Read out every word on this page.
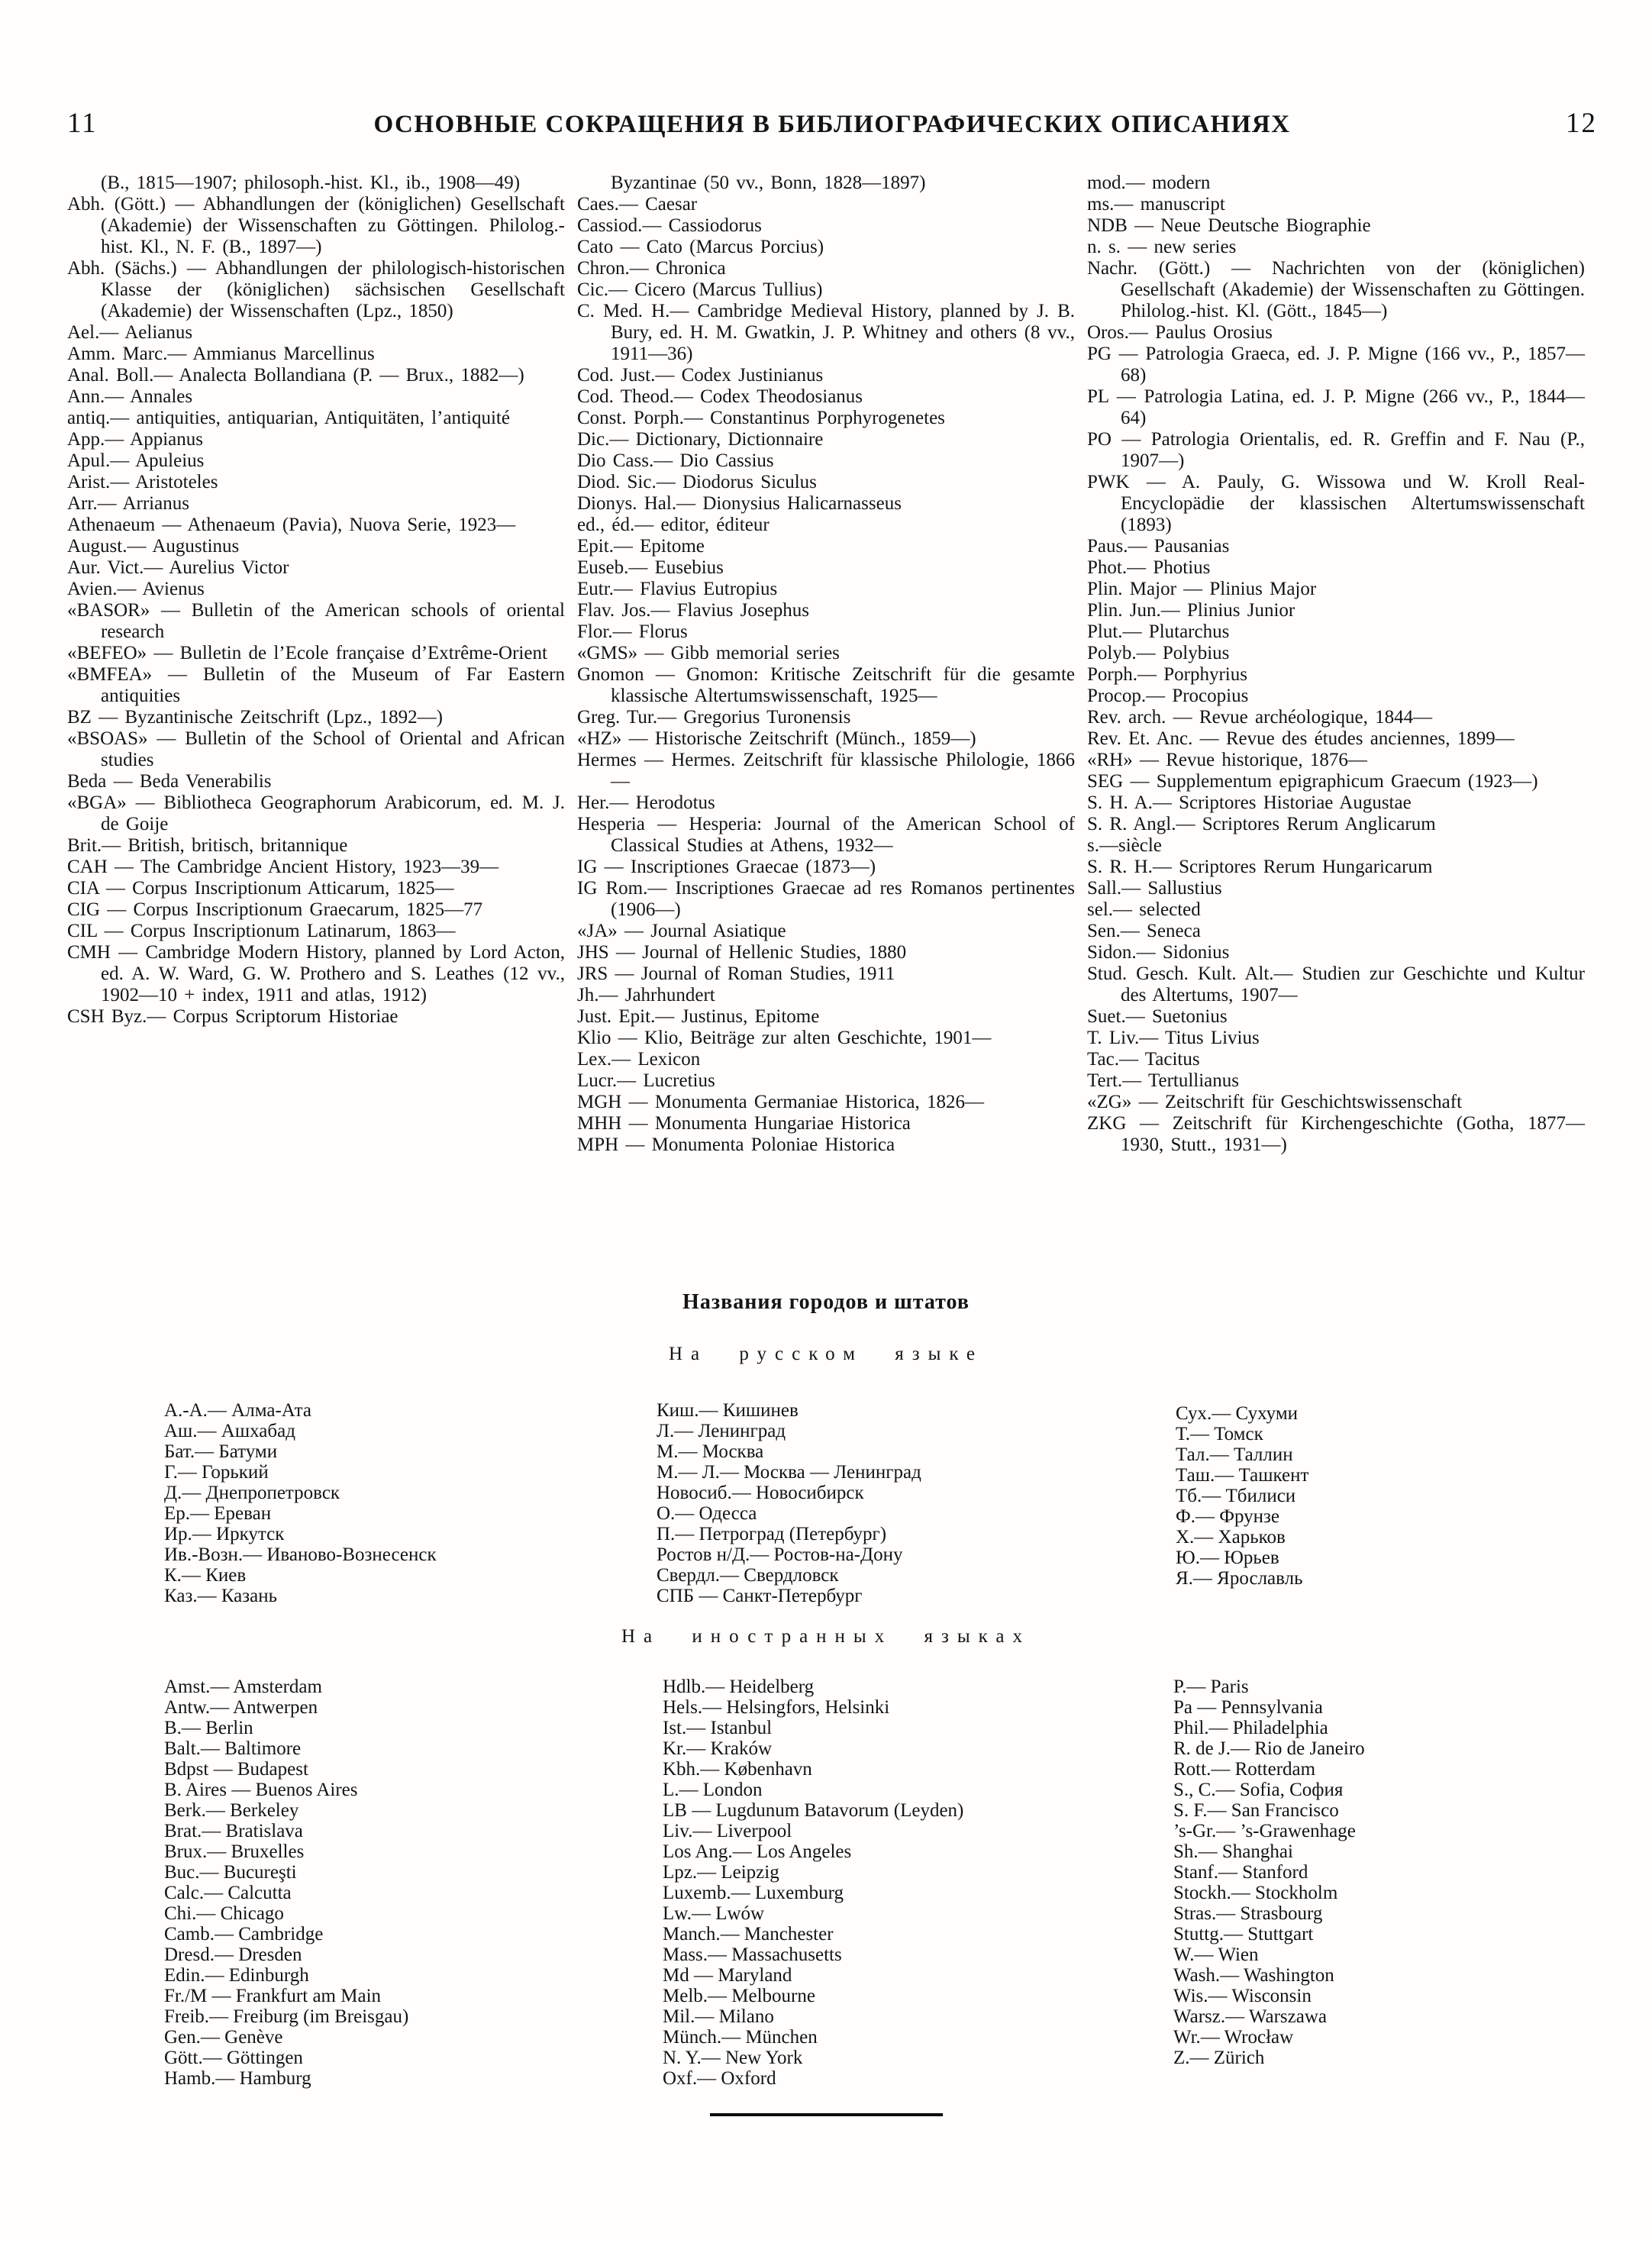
11	ОСНОВНЫЕ СОКРАЩЕНИЯ В БИБЛИОГРАФИЧЕСКИХ ОПИСАНИЯХ	12
(B., 1815—1907; philosoph.-hist. Kl., ib., 1908—49)
Abh. (Gött.) — Abhandlungen der (königlichen) Gesellschaft (Akademie) der Wissenschaften zu Göttingen. Philolog.-hist. Kl., N. F. (B., 1897—)
Abh. (Sächs.) — Abhandlungen der philologisch-historischen Klasse der (königlichen) sächsischen Gesellschaft (Akademie) der Wissenschaften (Lpz., 1850)
Ael.— Aelianus
Amm. Marc.— Ammianus Marcellinus
Anal. Boll.— Analecta Bollandiana (P. — Brux., 1882—)
Ann.— Annales
antiq.— antiquities, antiquarian, Antiquitäten, l’antiquité
App.— Appianus
Apul.— Apuleius
Arist.— Aristoteles
Arr.— Arrianus
Athenaeum — Athenaeum (Pavia), Nuova Serie, 1923—
August.— Augustinus
Aur. Vict.— Aurelius Victor
Avien.— Avienus
«BASOR» — Bulletin of the American schools of oriental research
«BEFEO» — Bulletin de l’Ecole française d’Extrême-Orient
«BMFEA» — Bulletin of the Museum of Far Eastern antiquities
BZ — Byzantinische Zeitschrift (Lpz., 1892—)
«BSOAS» — Bulletin of the School of Oriental and African studies
Beda — Beda Venerabilis
«BGA» — Bibliotheca Geographorum Arabicorum, ed. M. J. de Goije
Brit.— British, britisch, britannique
CAH — The Cambridge Ancient History, 1923—39—
CIA — Corpus Inscriptionum Atticarum, 1825—
CIG — Corpus Inscriptionum Graecarum, 1825—77
CIL — Corpus Inscriptionum Latinarum, 1863—
CMH — Cambridge Modern History, planned by Lord Acton, ed. A. W. Ward, G. W. Prothero and S. Leathes (12 vv., 1902—10 + index, 1911 and atlas, 1912)
CSH Byz.— Corpus Scriptorum Historiae
Byzantinae (50 vv., Bonn, 1828—1897)
Caes.— Caesar
Cassiod.— Cassiodorus
Cato — Cato (Marcus Porcius)
Chron.— Chronica
Cic.— Cicero (Marcus Tullius)
C. Med. H.— Cambridge Medieval History, planned by J. B. Bury, ed. H. M. Gwatkin, J. P. Whitney and others (8 vv., 1911—36)
Cod. Just.— Codex Justinianus
Cod. Theod.— Codex Theodosianus
Const. Porph.— Constantinus Porphyrogenetes
Dic.— Dictionary, Dictionnaire
Dio Cass.— Dio Cassius
Diod. Sic.— Diodorus Siculus
Dionys. Hal.— Dionysius Halicarnasseus
ed., éd.— editor, éditeur
Epit.— Epitome
Euseb.— Eusebius
Eutr.— Flavius Eutropius
Flav. Jos.— Flavius Josephus
Flor.— Florus
«GMS» — Gibb memorial series
Gnomon — Gnomon: Kritische Zeitschrift für die gesamte klassische Altertumswissenschaft, 1925—
Greg. Tur.— Gregorius Turonensis
«HZ» — Historische Zeitschrift (Münch., 1859—)
Hermes — Hermes. Zeitschrift für klassische Philologie, 1866—
Her.— Herodotus
Hesperia — Hesperia: Journal of the American School of Classical Studies at Athens, 1932—
IG — Inscriptiones Graecae (1873—)
IG Rom.— Inscriptiones Graecae ad res Romanos pertinentes (1906—)
«JA» — Journal Asiatique
JHS — Journal of Hellenic Studies, 1880
JRS — Journal of Roman Studies, 1911
Jh.— Jahrhundert
Just. Epit.— Justinus, Epitome
Klio — Klio, Beiträge zur alten Geschichte, 1901—
Lex.— Lexicon
Lucr.— Lucretius
MGH — Monumenta Germaniae Historica, 1826—
MHH — Monumenta Hungariae Historica
MPH — Monumenta Poloniae Historica
mod.— modern
ms.— manuscript
NDB — Neue Deutsche Biographie
n. s. — new series
Nachr. (Gött.) — Nachrichten von der (königlichen) Gesellschaft (Akademie) der Wissenschaften zu Göttingen. Philolog.-hist. Kl. (Gött., 1845—)
Oros.— Paulus Orosius
PG — Patrologia Graeca, ed. J. P. Migne (166 vv., P., 1857—68)
PL — Patrologia Latina, ed. J. P. Migne (266 vv., P., 1844—64)
PO — Patrologia Orientalis, ed. R. Greffin and F. Nau (P., 1907—)
PWK — A. Pauly, G. Wissowa und W. Kroll Real-Encyclopädie der klassischen Altertumswissenschaft (1893)
Paus.— Pausanias
Phot.— Photius
Plin. Major — Plinius Major
Plin. Jun.— Plinius Junior
Plut.— Plutarchus
Polyb.— Polybius
Porph.— Porphyrius
Procop.— Procopius
Rev. arch. — Revue archéologique, 1844—
Rev. Et. Anc. — Revue des études anciennes, 1899—
«RH» — Revue historique, 1876—
SEG — Supplementum epigraphicum Graecum (1923—)
S. H. A.— Scriptores Historiae Augustae
S. R. Angl.— Scriptores Rerum Anglicarum
s.—siècle
S. R. H.— Scriptores Rerum Hungaricarum
Sall.— Sallustius
sel.— selected
Sen.— Seneca
Sidon.— Sidonius
Stud. Gesch. Kult. Alt.— Studien zur Geschichte und Kultur des Altertums, 1907—
Suet.— Suetonius
T. Liv.— Titus Livius
Tac.— Tacitus
Tert.— Tertullianus
«ZG» — Zeitschrift für Geschichtswissenschaft
ZKG — Zeitschrift für Kirchengeschichte (Gotha, 1877—1930, Stutt., 1931—)
Названия городов и штатов
На русском языке
А.-А.— Алма-Ата
Аш.— Ашхабад
Бат.— Батуми
Г.— Горький
Д.— Днепропетровск
Ер.— Ереван
Ир.— Иркутск
Ив.-Возн.— Иваново-Вознесенск
К.— Киев
Каз.— Казань
Киш.— Кишинев
Л.— Ленинград
М.— Москва
М.— Л.— Москва — Ленинград
Новосиб.— Новосибирск
О.— Одесса
П.— Петроград (Петербург)
Ростов н/Д.— Ростов-на-Дону
Свердл.— Свердловск
СПБ — Санкт-Петербург
Сух.— Сухуми
Т.— Томск
Тал.— Таллин
Таш.— Ташкент
Тб.— Тбилиси
Ф.— Фрунзе
Х.— Харьков
Ю.— Юрьев
Я.— Ярославль
На иностранных языках
Amst.— Amsterdam
Antw.— Antwerpen
B.— Berlin
Balt.— Baltimore
Bdpst — Budapest
B. Aires — Buenos Aires
Berk.— Berkeley
Brat.— Bratislava
Brux.— Bruxelles
Buc.— Bucureşti
Calc.— Calcutta
Chi.— Chicago
Camb.— Cambridge
Dresd.— Dresden
Edin.— Edinburgh
Fr./M — Frankfurt am Main
Freib.— Freiburg (im Breisgau)
Gen.— Genève
Gött.— Göttingen
Hamb.— Hamburg
Hdlb.— Heidelberg
Hels.— Helsingfors, Helsinki
Ist.— Istanbul
Kr.— Kraków
Kbh.— København
L.— London
LB — Lugdunum Batavorum (Leyden)
Liv.— Liverpool
Los Ang.— Los Angeles
Lpz.— Leipzig
Luxemb.— Luxemburg
Lw.— Lwów
Manch.— Manchester
Mass.— Massachusetts
Md — Maryland
Melb.— Melbourne
Mil.— Milano
Münch.— München
N. Y.— New York
Oxf.— Oxford
P.— Paris
Pa — Pennsylvania
Phil.— Philadelphia
R. de J.— Rio de Janeiro
Rott.— Rotterdam
S., C.— Sofia, София
S. F.— San Francisco
’s-Gr.— ’s-Grawenhage
Sh.— Shanghai
Stanf.— Stanford
Stockh.— Stockholm
Stras.— Strasbourg
Stuttg.— Stuttgart
W.— Wien
Wash.— Washington
Wis.— Wisconsin
Warsz.— Warszawa
Wr.— Wrocław
Z.— Zürich
